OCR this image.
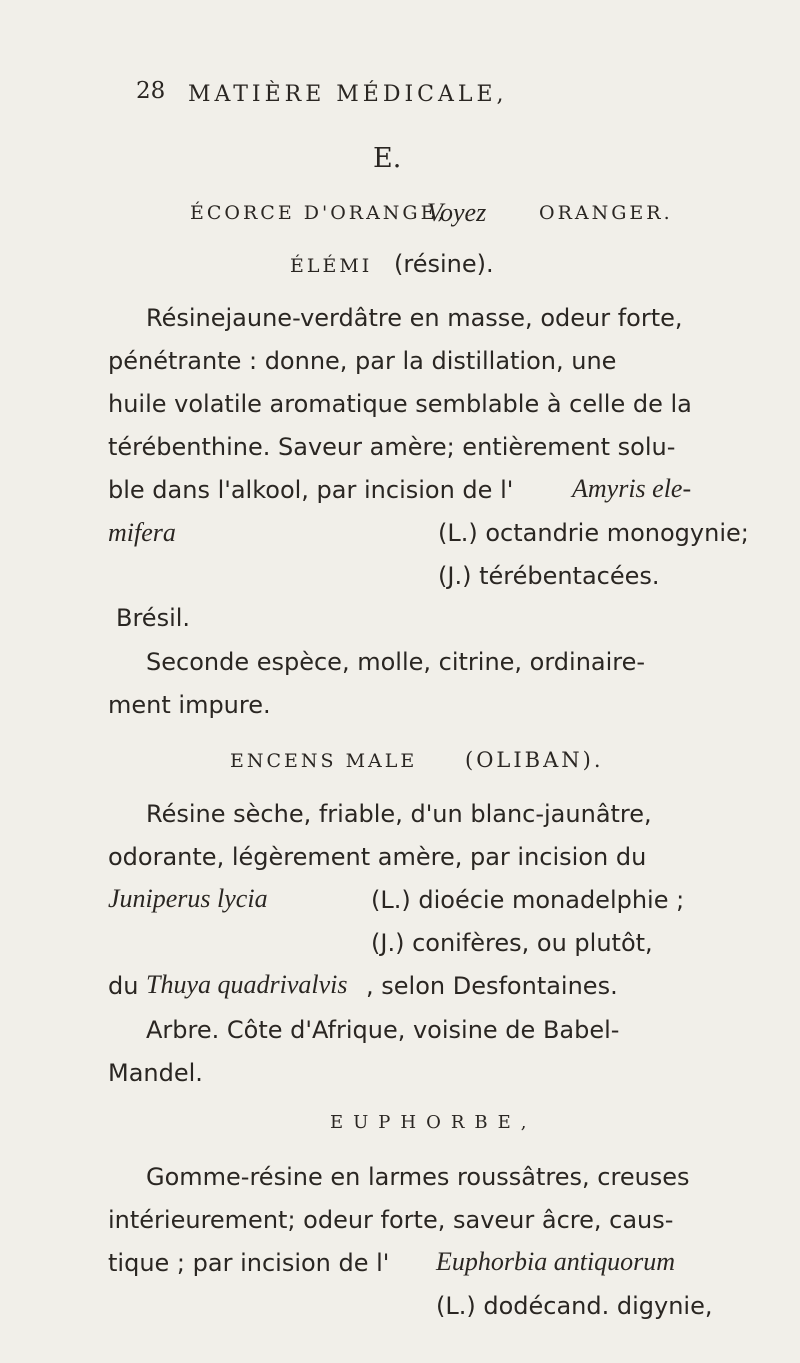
28 MATIÈRE MÉDICALE,
E.
ÉCORCE D'ORANGE,
Voyez	ORANGER.
ÉLÉMI (résine).
Résinejaune-verdâtre en masse, odeur forte,
pénétrante : donne, par la distillation, une
huile volatile aromatique semblable à celle de la
térébenthine. Saveur amère; entièrement solu-
ble dans l'alkool, par incision de l' Amyris ele-
mifera	(L.) octandrie monogynie;
(J.) térébentacées.
Brésil.
Seconde espèce, molle, citrine, ordinaire-
ment impure.
ENCENS MALE (OLIBAN).
Résine sèche, friable, d'un blanc-jaunâtre,
odorante, légèrement amère, par incision du
Juniperus lycia	(L.) dioécie monadelphie ;
(J.) conifères, ou plutôt,
du Thuya quadrivalvis , selon Desfontaines.
Arbre. Côte d'Afrique, voisine de Babel-
Mandel.
EUPHORBE,
Gomme-résine en larmes roussâtres, creuses
intérieurement; odeur forte, saveur âcre, caus-
tique ; par incision de l' Euphorbia antiquorum
(L.) dodécand. digynie,
